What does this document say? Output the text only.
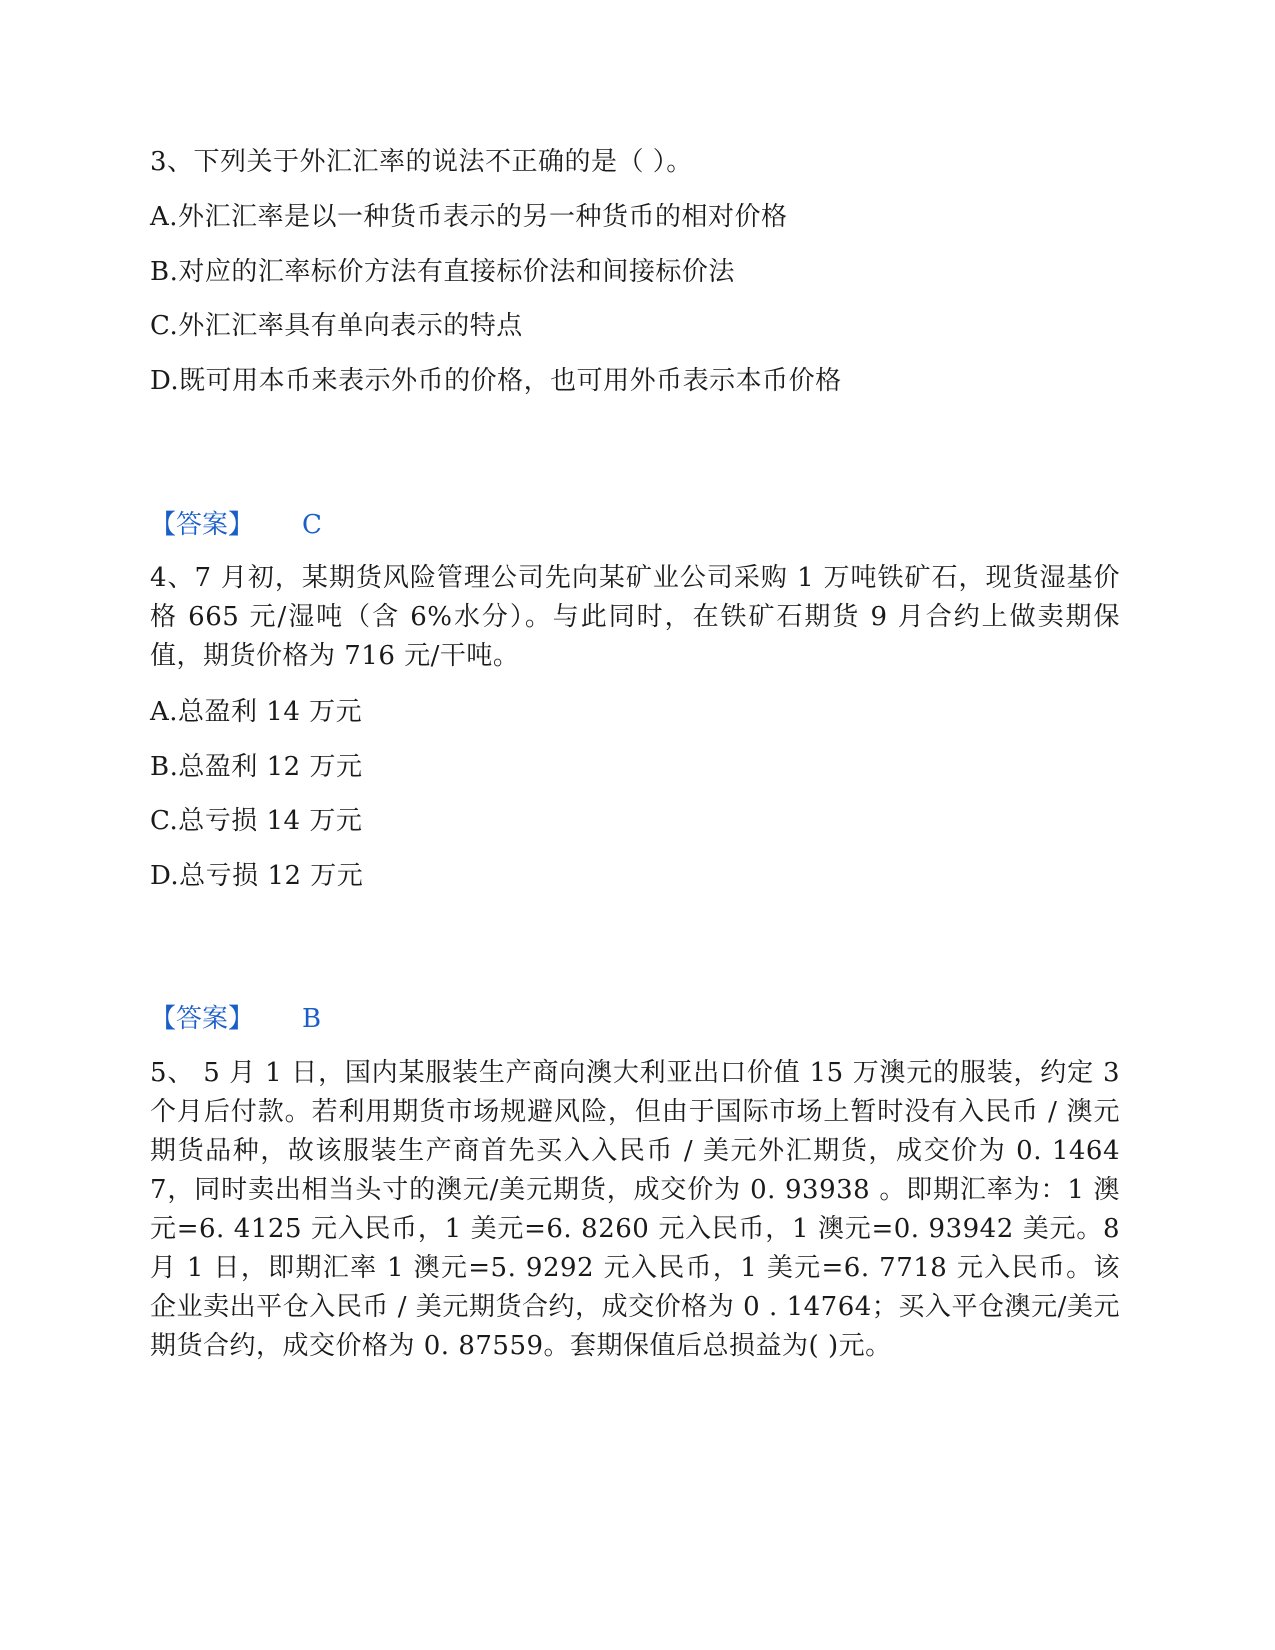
3、下列关于外汇汇率的说法不正确的是（ ）。
A.外汇汇率是以一种货币表示的另一种货币的相对价格
B.对应的汇率标价方法有直接标价法和间接标价法
C.外汇汇率具有单向表示的特点
D.既可用本币来表示外币的价格，也可用外币表示本币价格
【答案】 C
4、7 月初，某期货风险管理公司先向某矿业公司采购 1 万吨铁矿石，现货湿基价格 665 元/湿吨（含 6%水分）。与此同时，在铁矿石期货 9 月合约上做卖期保值，期货价格为 716 元/干吨。
A.总盈利 14 万元
B.总盈利 12 万元
C.总亏损 14 万元
D.总亏损 12 万元
【答案】 B
5、 5 月 1 日，国内某服装生产商向澳大利亚出口价值 15 万澳元的服装，约定 3 个月后付款。若利用期货市场规避风险，但由于国际市场上暂时没有入民币 / 澳元期货品种，故该服装生产商首先买入入民币 / 美元外汇期货，成交价为 0. 14647，同时卖出相当头寸的澳元/美元期货，成交价为 0. 93938 。即期汇率为：1 澳元=6. 4125 元入民币，1 美元=6. 8260 元入民币，1 澳元=0. 93942 美元。8 月 1 日，即期汇率 1 澳元=5. 9292 元入民币，1 美元=6. 7718 元入民币。该企业卖出平仓入民币 / 美元期货合约，成交价格为 0 . 14764；买入平仓澳元/美元期货合约，成交价格为 0. 87559。套期保值后总损益为( )元。
